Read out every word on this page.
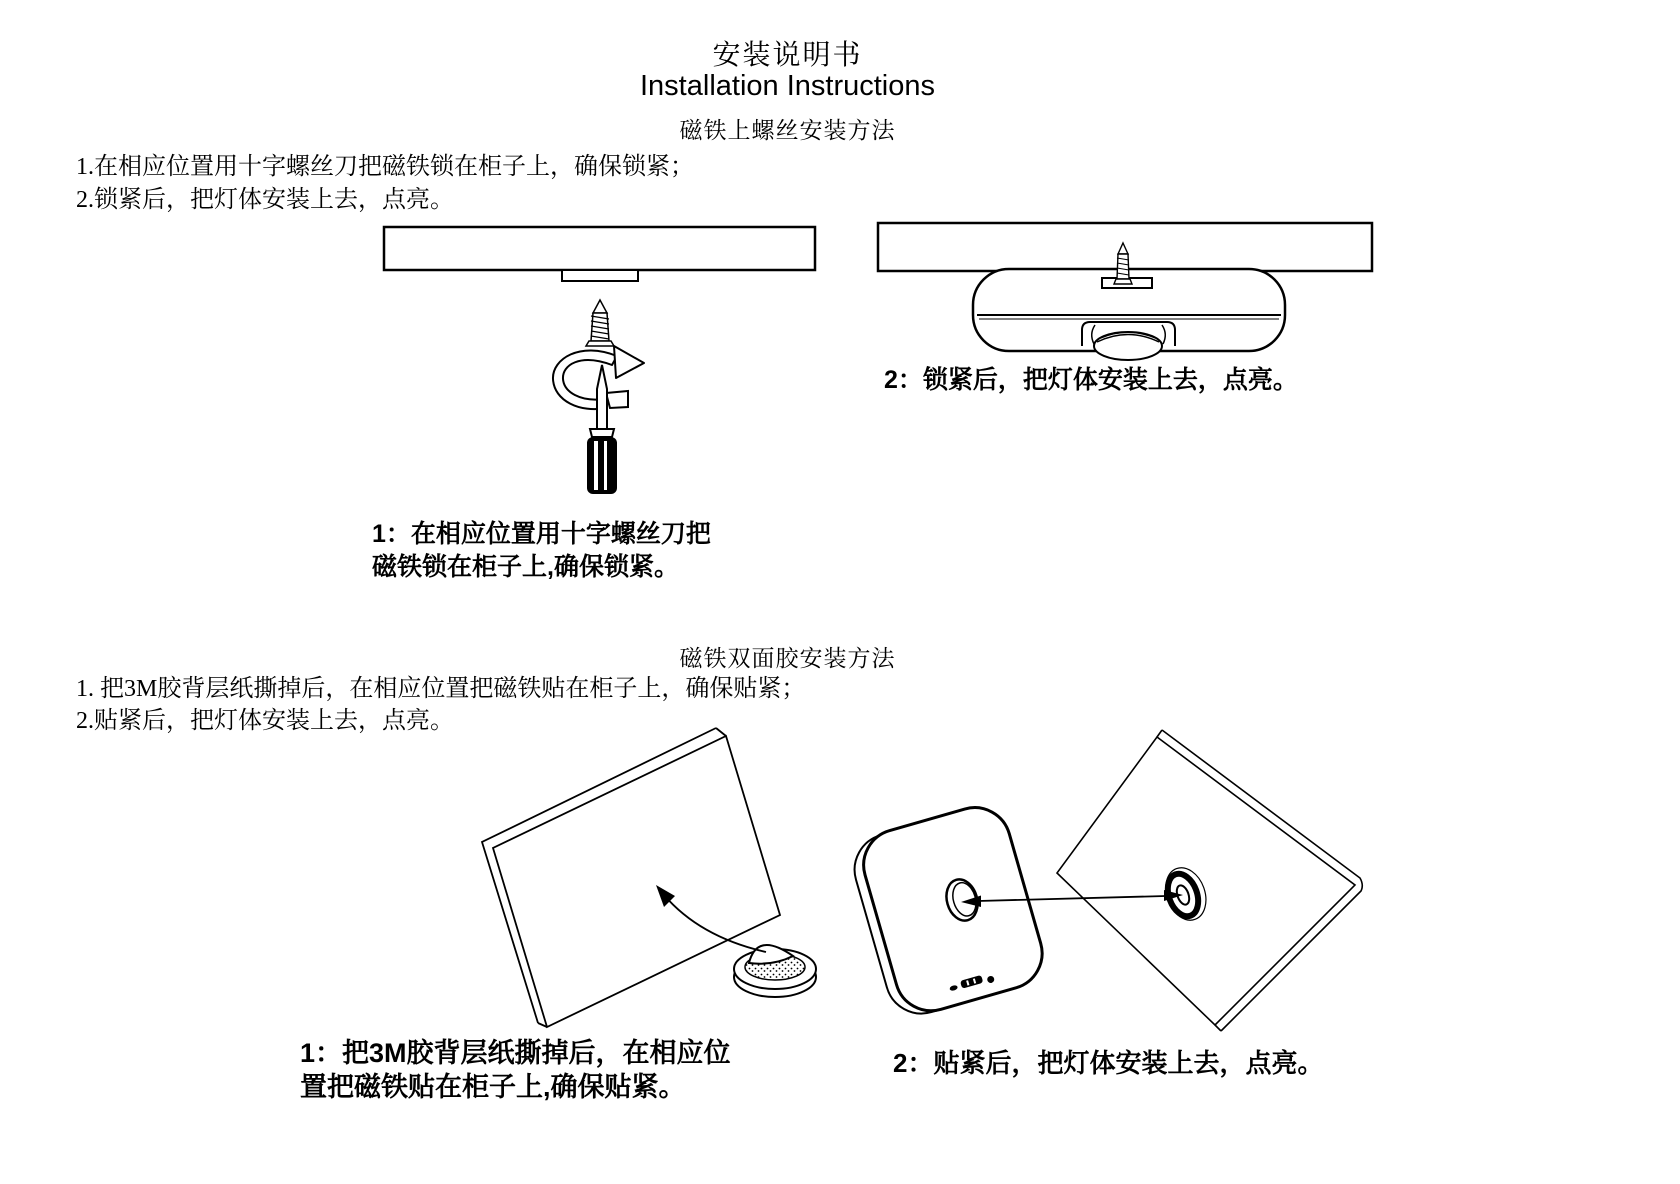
安装说明书
Installation Instructions
磁铁上螺丝安装方法
1.在相应位置用十字螺丝刀把磁铁锁在柜子上，确保锁紧；
2.锁紧后，把灯体安装上去，点亮。
1：在相应位置用十字螺丝刀把
磁铁锁在柜子上,确保锁紧。
2：锁紧后，把灯体安装上去，点亮。
磁铁双面胶安装方法
1. 把3M胶背层纸撕掉后，在相应位置把磁铁贴在柜子上，确保贴紧；
2.贴紧后，把灯体安装上去，点亮。
1：把3M胶背层纸撕掉后，在相应位
置把磁铁贴在柜子上,确保贴紧。
2：贴紧后，把灯体安装上去，点亮。
